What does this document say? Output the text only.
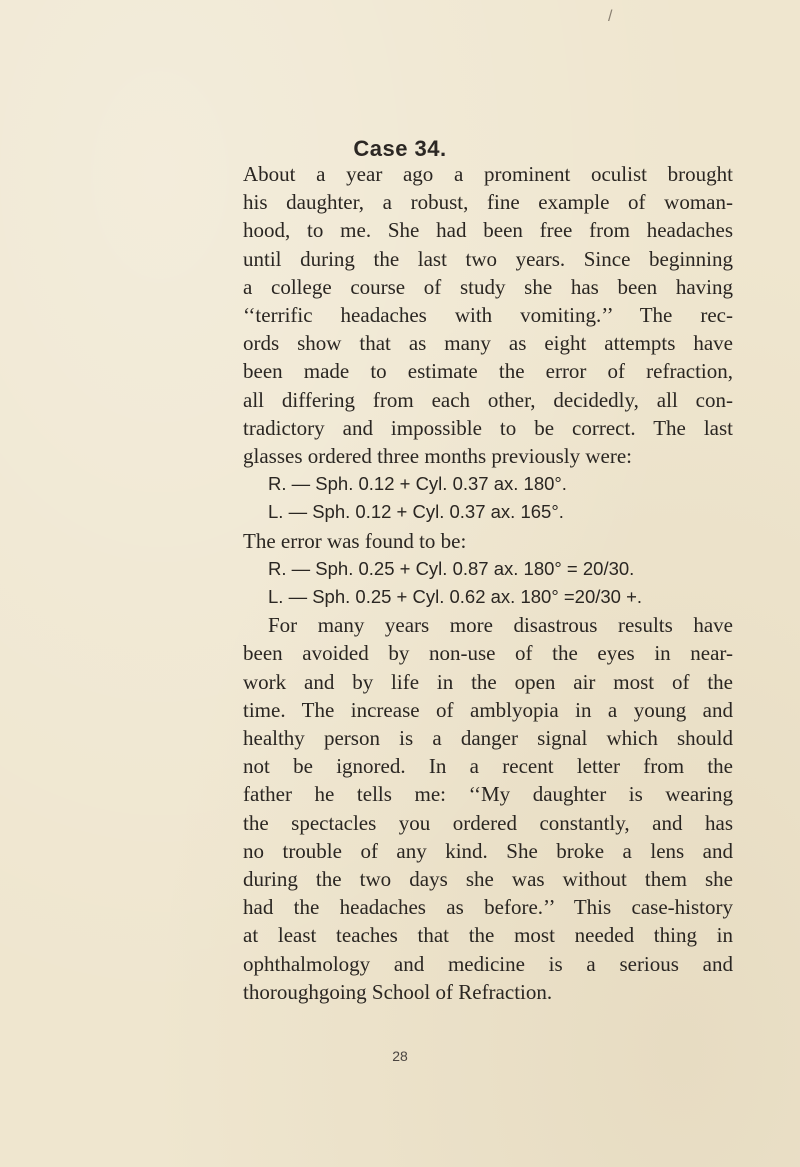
/
Case 34.
About a year ago a prominent oculist brought
his daughter, a robust, fine example of woman-
hood, to me. She had been free from headaches
until during the last two years. Since beginning
a college course of study she has been having
‘‘terrific headaches with vomiting.’’ The rec-
ords show that as many as eight attempts have
been made to estimate the error of refraction,
all differing from each other, decidedly, all con-
tradictory and impossible to be correct. The last
glasses ordered three months previously were:
R. — Sph. 0.12 + Cyl. 0.37 ax. 180°.
L. — Sph. 0.12 + Cyl. 0.37 ax. 165°.
The error was found to be:
R. — Sph. 0.25 + Cyl. 0.87 ax. 180° = 20/30.
L. — Sph. 0.25 + Cyl. 0.62 ax. 180° =20/30 +.
For many years more disastrous results have
been avoided by non-use of the eyes in near-
work and by life in the open air most of the
time. The increase of amblyopia in a young and
healthy person is a danger signal which should
not be ignored. In a recent letter from the
father he tells me: ‘‘My daughter is wearing
the spectacles you ordered constantly, and has
no trouble of any kind. She broke a lens and
during the two days she was without them she
had the headaches as before.’’ This case-history
at least teaches that the most needed thing in
ophthalmology and medicine is a serious and
thoroughgoing School of Refraction.
28
